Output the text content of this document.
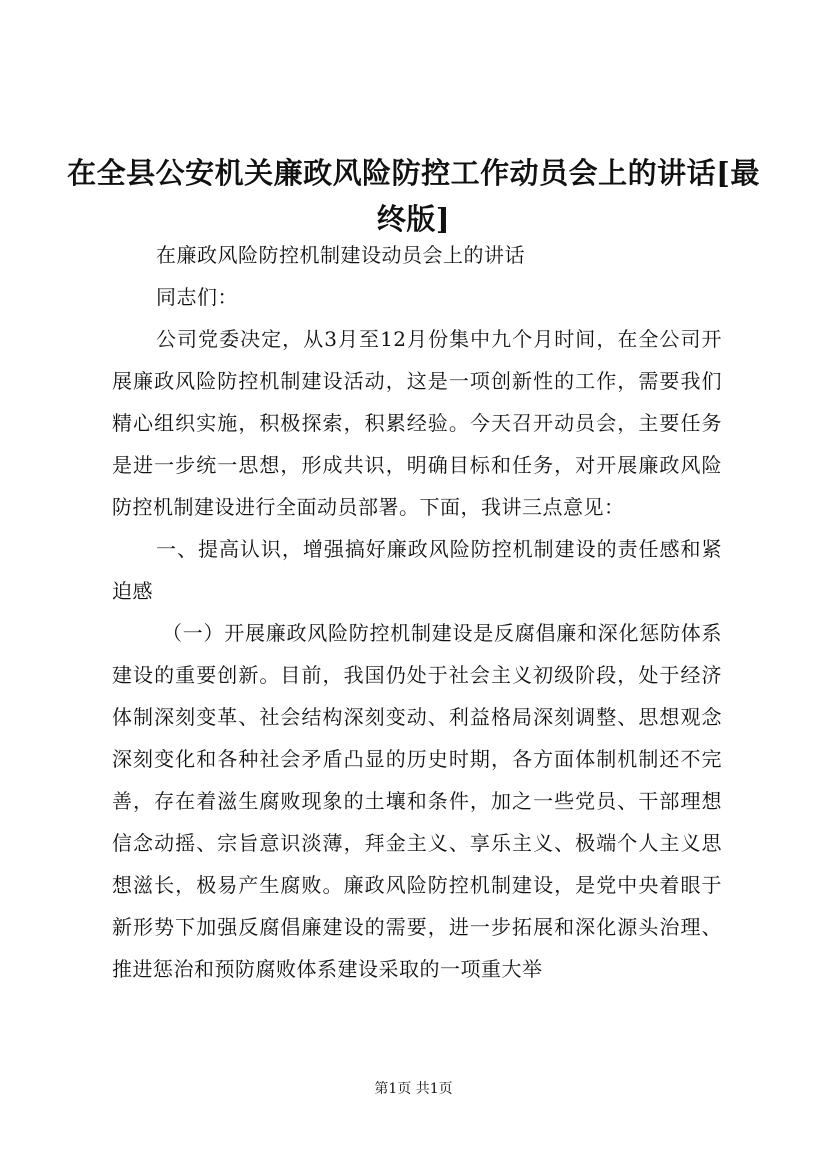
在全县公安机关廉政风险防控工作动员会上的讲话[最终版]

在廉政风险防控机制建设动员会上的讲话

同志们：

公司党委决定，从3月至12月份集中九个月时间，在全公司开展廉政风险防控机制建设活动，这是一项创新性的工作，需要我们精心组织实施，积极探索，积累经验。今天召开动员会，主要任务是进一步统一思想，形成共识，明确目标和任务，对开展廉政风险防控机制建设进行全面动员部署。下面，我讲三点意见：

一、提高认识，增强搞好廉政风险防控机制建设的责任感和紧迫感

（一）开展廉政风险防控机制建设是反腐倡廉和深化惩防体系建设的重要创新。目前，我国仍处于社会主义初级阶段，处于经济体制深刻变革、社会结构深刻变动、利益格局深刻调整、思想观念深刻变化和各种社会矛盾凸显的历史时期，各方面体制机制还不完善，存在着滋生腐败现象的土壤和条件，加之一些党员、干部理想信念动摇、宗旨意识淡薄，拜金主义、享乐主义、极端个人主义思想滋长，极易产生腐败。廉政风险防控机制建设，是党中央着眼于新形势下加强反腐倡廉建设的需要，进一步拓展和深化源头治理、推进惩治和预防腐败体系建设采取的一项重大举

第1页 共1页
